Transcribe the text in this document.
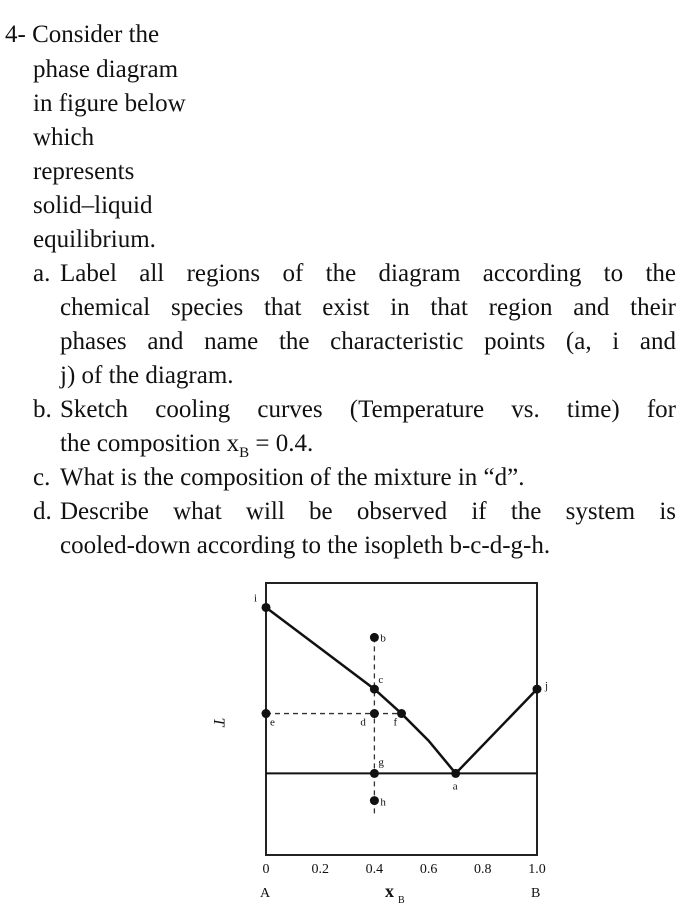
4- Consider the
phase diagram
in figure below
which
represents
solid–liquid
equilibrium.
a. Label all regions of the diagram according to the
chemical species that exist in that region and their
phases and name the characteristic points (a, i and
j) of the diagram.
b. Sketch cooling curves (Temperature vs. time) for
the composition $x_B = 0.4$.
c. What is the composition of the mixture in “d”.
d. Describe what will be observed if the system is
cooled-down according to the isopleth b-c-d-g-h.
i
b
c
e	d	f
g
a
h
j
0	0.2	0.4	0.6	0.8	1.0
T
A	B
x B
